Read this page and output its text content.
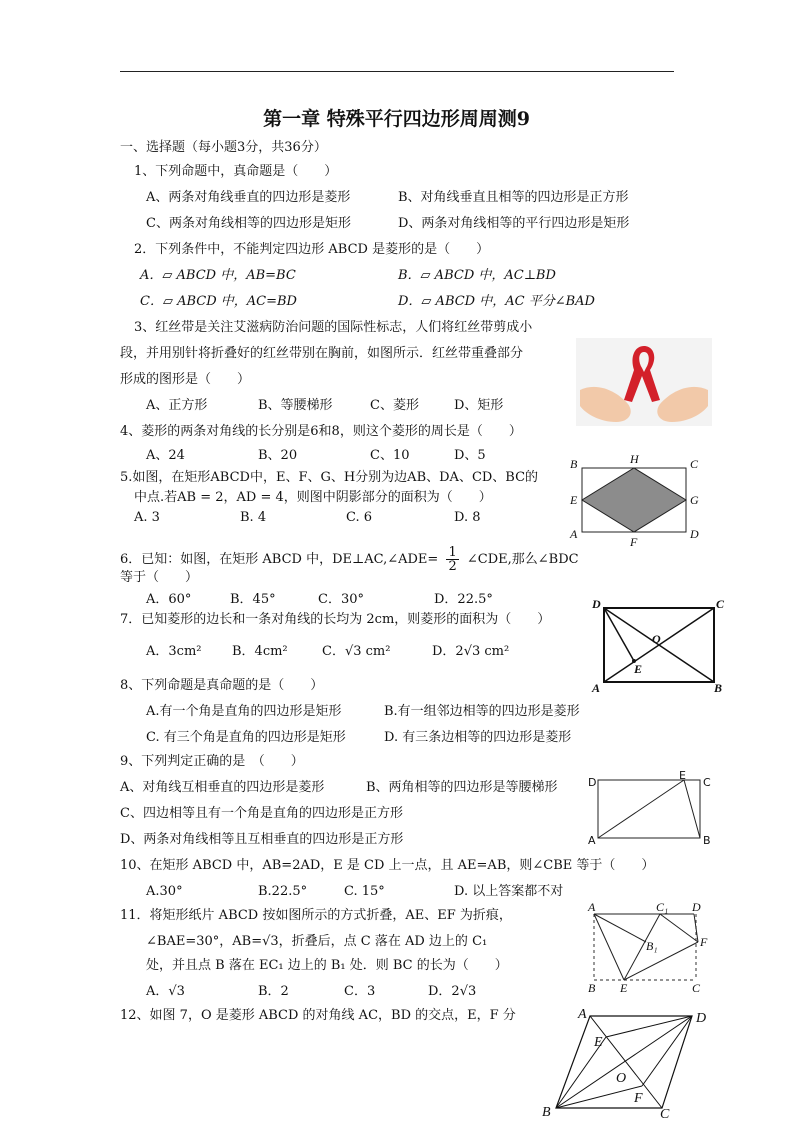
第一章 特殊平行四边形周周测9
一、选择题（每小题3分，共36分）
1、下列命题中，真命题是（　　）
A、两条对角线垂直的四边形是菱形	B、对角线垂直且相等的四边形是正方形
C、两条对角线相等的四边形是矩形	D、两条对角线相等的平行四边形是矩形
2．下列条件中，不能判定四边形 ABCD 是菱形的是（　　）
A．▱ ABCD 中，AB=BC	B．▱ ABCD 中，AC⊥BD
C．▱ ABCD 中，AC=BD	D．▱ ABCD 中，AC 平分∠BAD
3、红丝带是关注艾滋病防治问题的国际性标志，人们将红丝带剪成小
段，并用别针将折叠好的红丝带别在胸前，如图所示．红丝带重叠部分
形成的图形是（　　）
A、正方形	B、等腰梯形	C、菱形	D、矩形
4、菱形的两条对角线的长分别是6和8，则这个菱形的周长是（　　）
A、24	B、20	C、10	D、5
5.如图，在矩形ABCD中，E、F、G、H分别为边AB、DA、CD、BC的
中点.若AB = 2，AD = 4，则图中阴影部分的面积为（　　）
A. 3	B. 4	C. 6	D. 8
B	H	C
E	G
A
F
D
6．已知：如图，在矩形 ABCD 中，DE⊥AC,∠ADE= $\frac{1}{2}$ ∠CDE,那么∠BDC
等于（　　）
A．60°	B．45°	C．30°	D．22.5°	D	C
O
E
A	B
7．已知菱形的边长和一条对角线的长均为 2cm，则菱形的面积为（　　）
A．3cm² B．4cm²	C．√3 cm²	D．2√3 cm²
8、下列命题是真命题的是（　　）
A.有一个角是直角的四边形是矩形	B.有一组邻边相等的四边形是菱形
C. 有三个角是直角的四边形是矩形	D. 有三条边相等的四边形是菱形
9、下列判定正确的是　（　　）
A、对角线互相垂直的四边形是菱形	B、两角相等的四边形是等腰梯形
C、四边相等且有一个角是直角的四边形是正方形
D、两条对角线相等且互相垂直的四边形是正方形
D
E
C
A	B
10、在矩形 ABCD 中，AB=2AD，E 是 CD 上一点，且 AE=AB，则∠CBE 等于（　　）
A.30°	B.22.5°	C. 15°	D. 以上答案都不对
11．将矩形纸片 ABCD 按如图所示的方式折叠，AE、EF 为折痕，
∠BAE=30°，AB=√3，折叠后，点 C 落在 AD 边上的 C₁
处，并且点 B 落在 EC₁ 边上的 B₁ 处．则 BC 的长为（　　）
A．√3	B．2	C．3	D．2√3
A	C₁ D
B₁	F
B E	C
12、如图 7，O 是菱形 ABCD 的对角线 AC，BD 的交点，E，F 分	A	D
E
O
F
B	C
